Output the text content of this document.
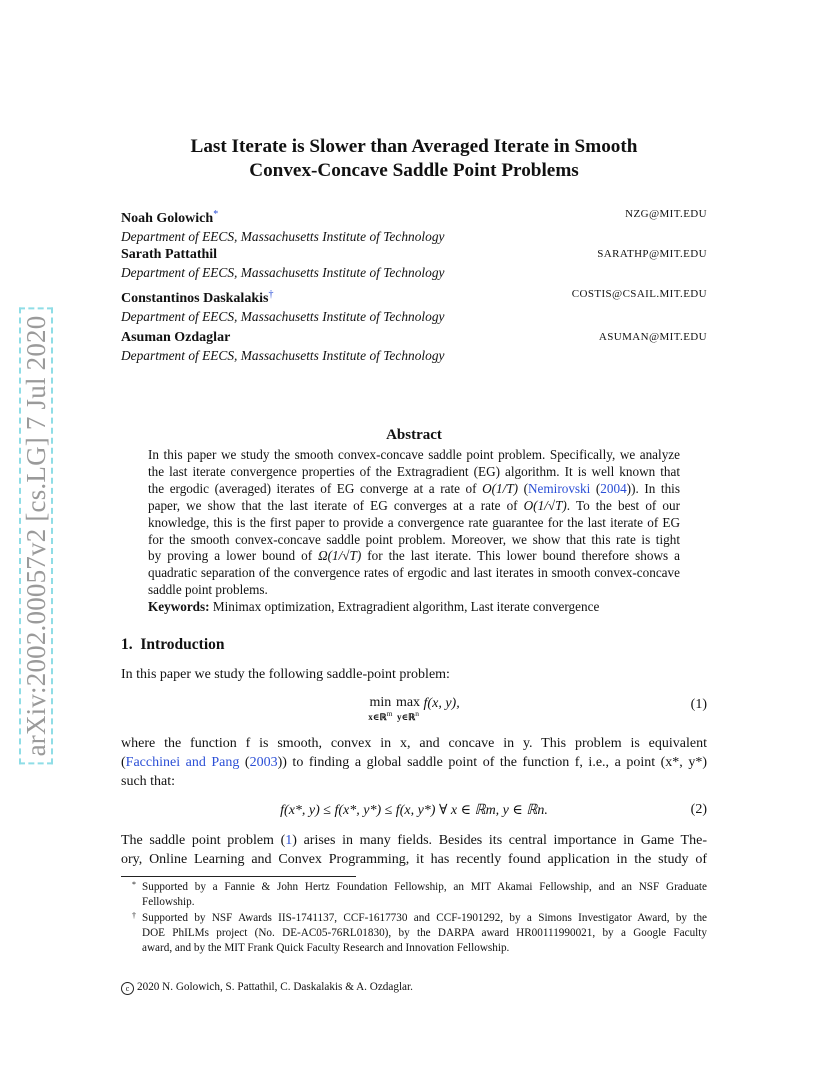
arXiv:2002.00057v2 [cs.LG] 7 Jul 2020
Last Iterate is Slower than Averaged Iterate in Smooth
Convex-Concave Saddle Point Problems
Noah Golowich*
Department of EECS, Massachusetts Institute of Technology
NZG@MIT.EDU
Sarath Pattathil
Department of EECS, Massachusetts Institute of Technology
SARATHP@MIT.EDU
Constantinos Daskalakis†
Department of EECS, Massachusetts Institute of Technology
COSTIS@CSAIL.MIT.EDU
Asuman Ozdaglar
Department of EECS, Massachusetts Institute of Technology
ASUMAN@MIT.EDU
Abstract
In this paper we study the smooth convex-concave saddle point problem. Specifically, we analyze
the last iterate convergence properties of the Extragradient (EG) algorithm. It is well known that
the ergodic (averaged) iterates of EG converge at a rate of O(1/T) (Nemirovski (2004)). In this
paper, we show that the last iterate of EG converges at a rate of O(1/√T). To the best of our
knowledge, this is the first paper to provide a convergence rate guarantee for the last iterate of EG
for the smooth convex-concave saddle point problem. Moreover, we show that this rate is tight
by proving a lower bound of Ω(1/√T) for the last iterate. This lower bound therefore shows a
quadratic separation of the convergence rates of ergodic and last iterates in smooth convex-concave
saddle point problems.
Keywords: Minimax optimization, Extragradient algorithm, Last iterate convergence
1. Introduction
In this paper we study the following saddle-point problem:
min
x∈ℝ$^m$
max
y∈ℝ$^n$
f(x, y),	(1)
where the function f is smooth, convex in x, and concave in y. This problem is equivalent
(Facchinei and Pang (2003)) to finding a global saddle point of the function f, i.e., a point (x*, y*)
such that:
f(x*, y) ≤ f(x*, y*) ≤ f(x, y*) ∀ x ∈ ℝm, y ∈ ℝn.	(2)
The saddle point problem (1) arises in many fields. Besides its central importance in Game The-
ory, Online Learning and Convex Programming, it has recently found application in the study of
* Supported by a Fannie & John Hertz Foundation Fellowship, an MIT Akamai Fellowship, and an NSF Graduate
Fellowship.
† Supported by NSF Awards IIS-1741137, CCF-1617730 and CCF-1901292, by a Simons Investigator Award, by the
DOE PhILMs project (No. DE-AC05-76RL01830), by the DARPA award HR00111990021, by a Google Faculty
award, and by the MIT Frank Quick Faculty Research and Innovation Fellowship.
c 2020 N. Golowich, S. Pattathil, C. Daskalakis & A. Ozdaglar.
